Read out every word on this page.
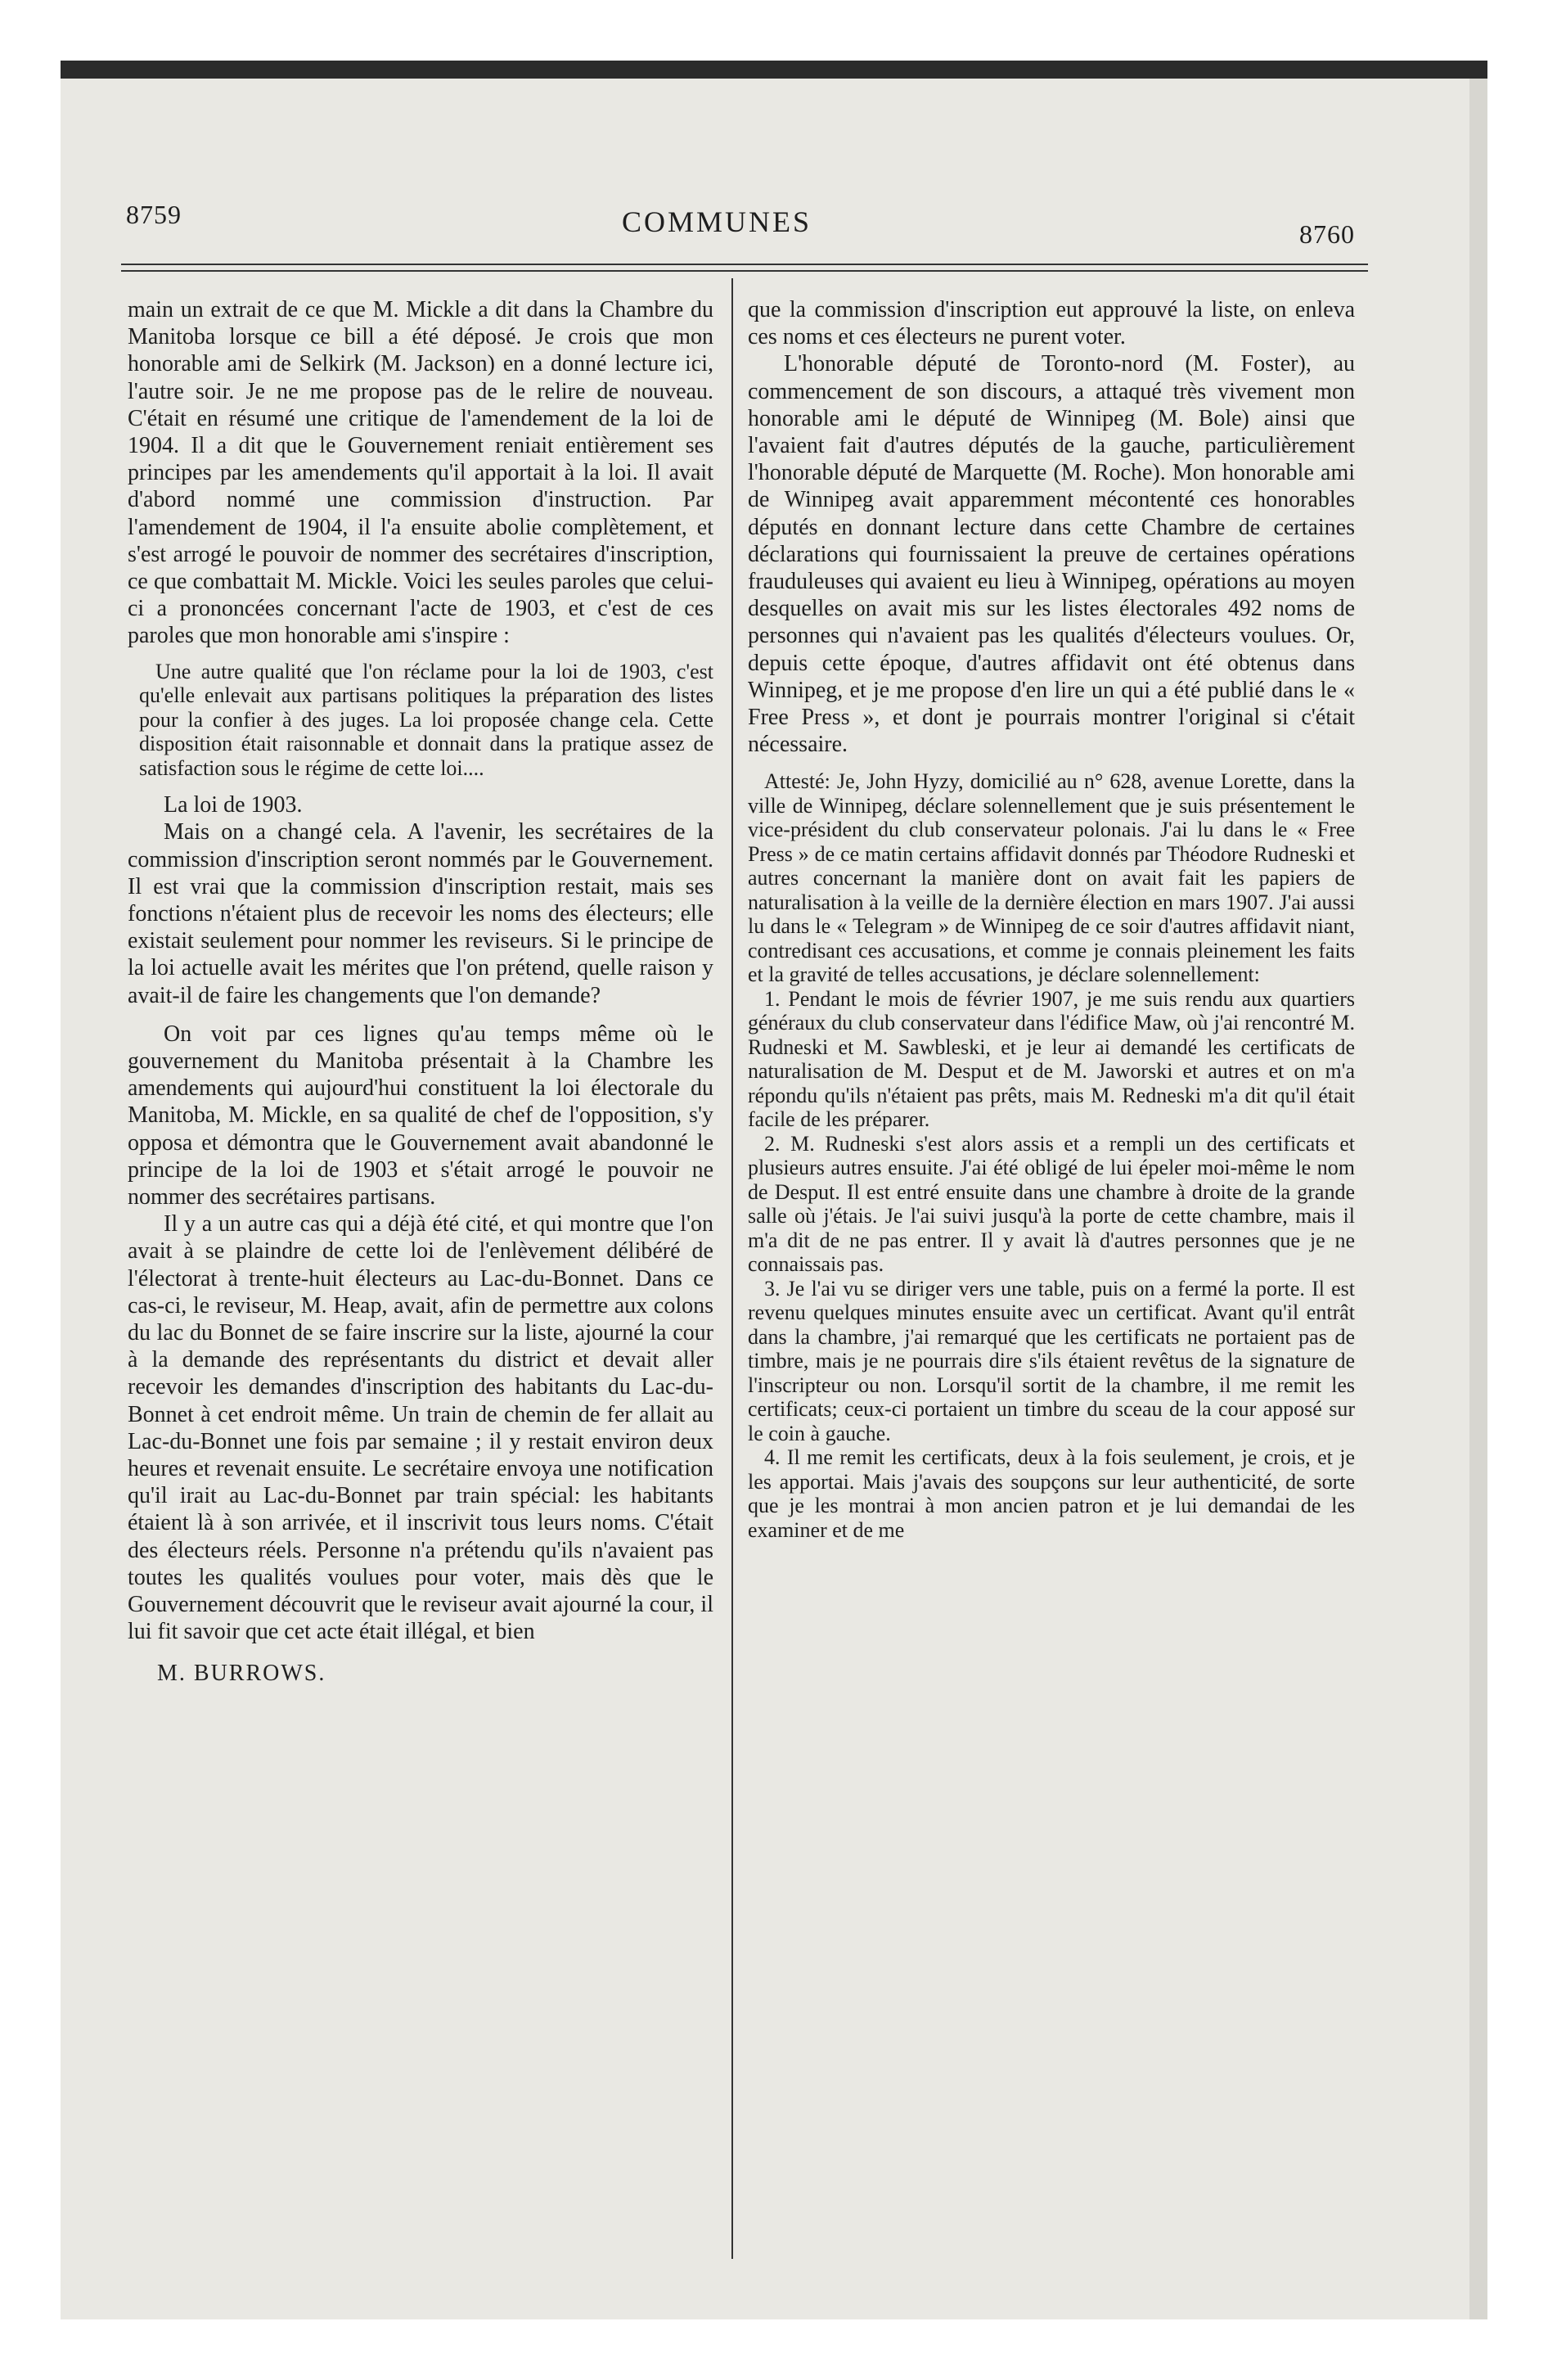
8759	COMMUNES	8760

main un extrait de ce que M. Mickle a dit dans la Chambre du Manitoba lorsque ce bill a été déposé. Je crois que mon honorable ami de Selkirk (M. Jackson) en a donné lecture ici, l'autre soir. Je ne me propose pas de le relire de nouveau. C'était en résumé une critique de l'amendement de la loi de 1904. Il a dit que le Gouvernement reniait entièrement ses principes par les amendements qu'il apportait à la loi. Il avait d'abord nommé une commission d'instruction. Par l'amendement de 1904, il l'a ensuite abolie complètement, et s'est arrogé le pouvoir de nommer des secrétaires d'inscription, ce que combattait M. Mickle. Voici les seules paroles que celui-ci a prononcées concernant l'acte de 1903, et c'est de ces paroles que mon honorable ami s'inspire :

Une autre qualité que l'on réclame pour la loi de 1903, c'est qu'elle enlevait aux partisans politiques la préparation des listes pour la confier à des juges. La loi proposée change cela. Cette disposition était raisonnable et donnait dans la pratique assez de satisfaction sous le régime de cette loi....

La loi de 1903.

Mais on a changé cela. A l'avenir, les secrétaires de la commission d'inscription seront nommés par le Gouvernement. Il est vrai que la commission d'inscription restait, mais ses fonctions n'étaient plus de recevoir les noms des électeurs; elle existait seulement pour nommer les reviseurs. Si le principe de la loi actuelle avait les mérites que l'on prétend, quelle raison y avait-il de faire les changements que l'on demande?

On voit par ces lignes qu'au temps même où le gouvernement du Manitoba présentait à la Chambre les amendements qui aujourd'hui constituent la loi électorale du Manitoba, M. Mickle, en sa qualité de chef de l'opposition, s'y opposa et démontra que le Gouvernement avait abandonné le principe de la loi de 1903 et s'était arrogé le pouvoir ne nommer des secrétaires partisans.

Il y a un autre cas qui a déjà été cité, et qui montre que l'on avait à se plaindre de cette loi de l'enlèvement délibéré de l'électorat à trente-huit électeurs au Lac-du-Bonnet. Dans ce cas-ci, le reviseur, M. Heap, avait, afin de permettre aux colons du lac du Bonnet de se faire inscrire sur la liste, ajourné la cour à la demande des représentants du district et devait aller recevoir les demandes d'inscription des habitants du Lac-du-Bonnet à cet endroit même. Un train de chemin de fer allait au Lac-du-Bonnet une fois par semaine ; il y restait environ deux heures et revenait ensuite. Le secrétaire envoya une notification qu'il irait au Lac-du-Bonnet par train spécial: les habitants étaient là à son arrivée, et il inscrivit tous leurs noms. C'était des électeurs réels. Personne n'a prétendu qu'ils n'avaient pas toutes les qualités voulues pour voter, mais dès que le Gouvernement découvrit que le reviseur avait ajourné la cour, il lui fit savoir que cet acte était illégal, et bien

M. BURROWS.

que la commission d'inscription eut approuvé la liste, on enleva ces noms et ces électeurs ne purent voter.

L'honorable député de Toronto-nord (M. Foster), au commencement de son discours, a attaqué très vivement mon honorable ami le député de Winnipeg (M. Bole) ainsi que l'avaient fait d'autres députés de la gauche, particulièrement l'honorable député de Marquette (M. Roche). Mon honorable ami de Winnipeg avait apparemment mécontenté ces honorables députés en donnant lecture dans cette Chambre de certaines déclarations qui fournissaient la preuve de certaines opérations frauduleuses qui avaient eu lieu à Winnipeg, opérations au moyen desquelles on avait mis sur les listes électorales 492 noms de personnes qui n'avaient pas les qualités d'électeurs voulues. Or, depuis cette époque, d'autres affidavit ont été obtenus dans Winnipeg, et je me propose d'en lire un qui a été publié dans le « Free Press », et dont je pourrais montrer l'original si c'était nécessaire.

Attesté: Je, John Hyzy, domicilié au n° 628, avenue Lorette, dans la ville de Winnipeg, déclare solennellement que je suis présentement le vice-président du club conservateur polonais. J'ai lu dans le « Free Press » de ce matin certains affidavit donnés par Théodore Rudneski et autres concernant la manière dont on avait fait les papiers de naturalisation à la veille de la dernière élection en mars 1907. J'ai aussi lu dans le « Telegram » de Winnipeg de ce soir d'autres affidavit niant, contredisant ces accusations, et comme je connais pleinement les faits et la gravité de telles accusations, je déclare solennellement:

1. Pendant le mois de février 1907, je me suis rendu aux quartiers généraux du club conservateur dans l'édifice Maw, où j'ai rencontré M. Rudneski et M. Sawbleski, et je leur ai demandé les certificats de naturalisation de M. Desput et de M. Jaworski et autres et on m'a répondu qu'ils n'étaient pas prêts, mais M. Redneski m'a dit qu'il était facile de les préparer.

2. M. Rudneski s'est alors assis et a rempli un des certificats et plusieurs autres ensuite. J'ai été obligé de lui épeler moi-même le nom de Desput. Il est entré ensuite dans une chambre à droite de la grande salle où j'étais. Je l'ai suivi jusqu'à la porte de cette chambre, mais il m'a dit de ne pas entrer. Il y avait là d'autres personnes que je ne connaissais pas.

3. Je l'ai vu se diriger vers une table, puis on a fermé la porte. Il est revenu quelques minutes ensuite avec un certificat. Avant qu'il entrât dans la chambre, j'ai remarqué que les certificats ne portaient pas de timbre, mais je ne pourrais dire s'ils étaient revêtus de la signature de l'inscripteur ou non. Lorsqu'il sortit de la chambre, il me remit les certificats; ceux-ci portaient un timbre du sceau de la cour apposé sur le coin à gauche.

4. Il me remit les certificats, deux à la fois seulement, je crois, et je les apportai. Mais j'avais des soupçons sur leur authenticité, de sorte que je les montrai à mon ancien patron et je lui demandai de les examiner et de me
